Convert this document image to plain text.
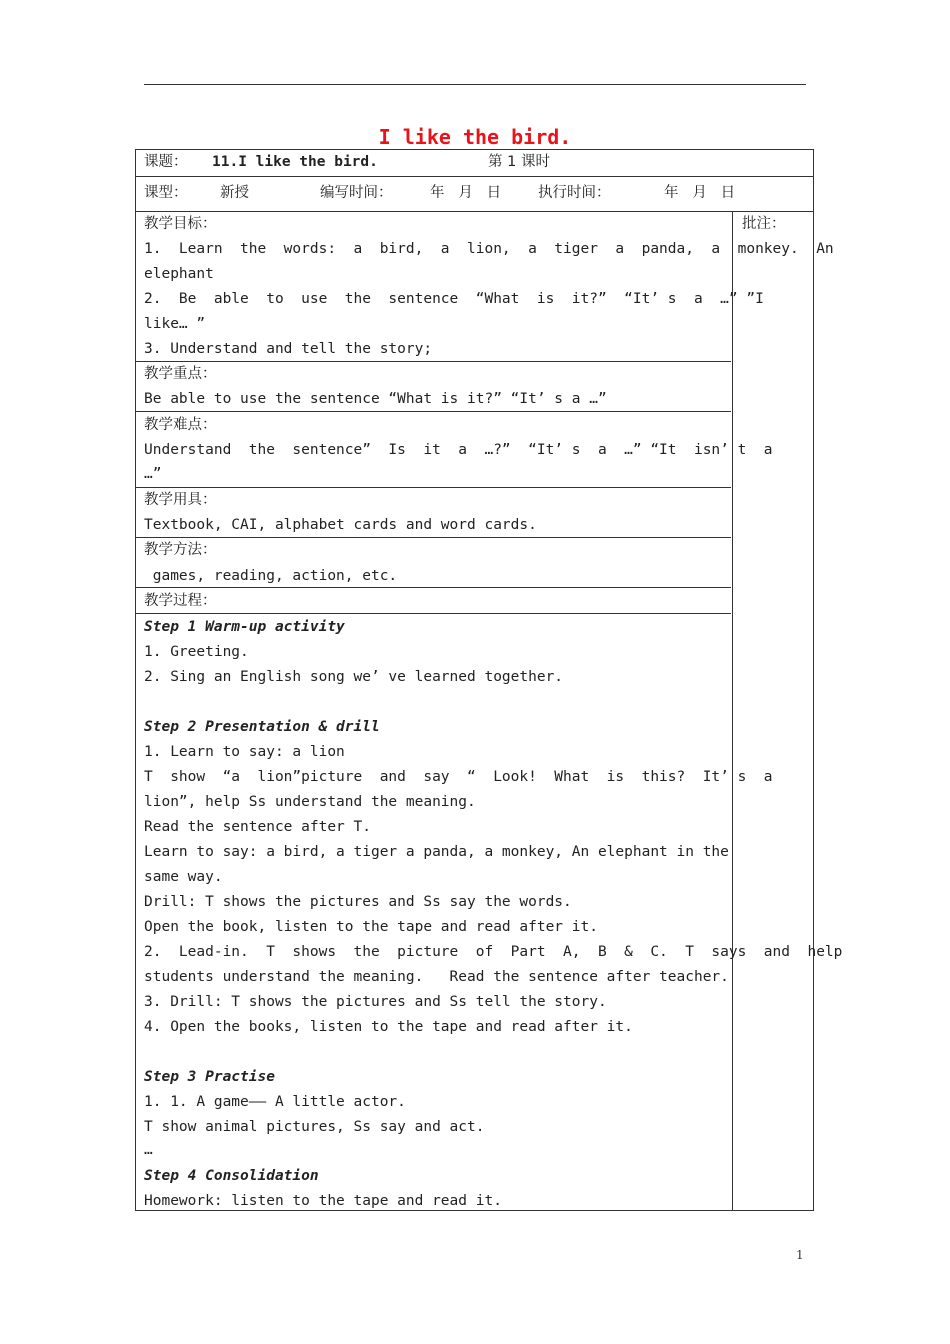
I like the bird.
课题： 11.I like the bird.	第 1 课时
课型： 新授	编写时间：	年   月   日	执行时间：	年   月   日
批注：
教学目标：
1.  Learn  the  words:  a  bird,  a  lion,  a  tiger  a  panda,  a  monkey.  An
elephant
2.  Be  able  to  use  the  sentence  “What  is  it?”  “It’ s  a  …” ”I
like… ”
3. Understand and tell the story;
教学重点：
Be able to use the sentence “What is it?” “It’ s a …”
教学难点：
Understand  the  sentence”  Is  it  a  …?”  “It’ s  a  …” “It  isn’ t  a
…”
教学用具：
Textbook, CAI, alphabet cards and word cards.
教学方法：
games, reading, action, etc.
教学过程：
Step 1 Warm-up activity
1. Greeting.
2. Sing an English song we’ ve learned together.
Step 2 Presentation & drill
1. Learn to say: a lion
T  show  “a  lion”picture  and  say  “  Look!  What  is  this?  It’ s  a
lion”, help Ss understand the meaning.
Read the sentence after T.
Learn to say: a bird, a tiger a panda, a monkey, An elephant in the
same way.
Drill: T shows the pictures and Ss say the words.
Open the book, listen to the tape and read after it.
2.  Lead-in.  T  shows  the  picture  of  Part  A,  B  &  C.  T  says  and  help
students understand the meaning.   Read the sentence after teacher.
3. Drill: T shows the pictures and Ss tell the story.
4. Open the books, listen to the tape and read after it.
Step 3 Practise
1. 1. A game—— A little actor.
T show animal pictures, Ss say and act.
…
Step 4 Consolidation
Homework: listen to the tape and read it.
1
